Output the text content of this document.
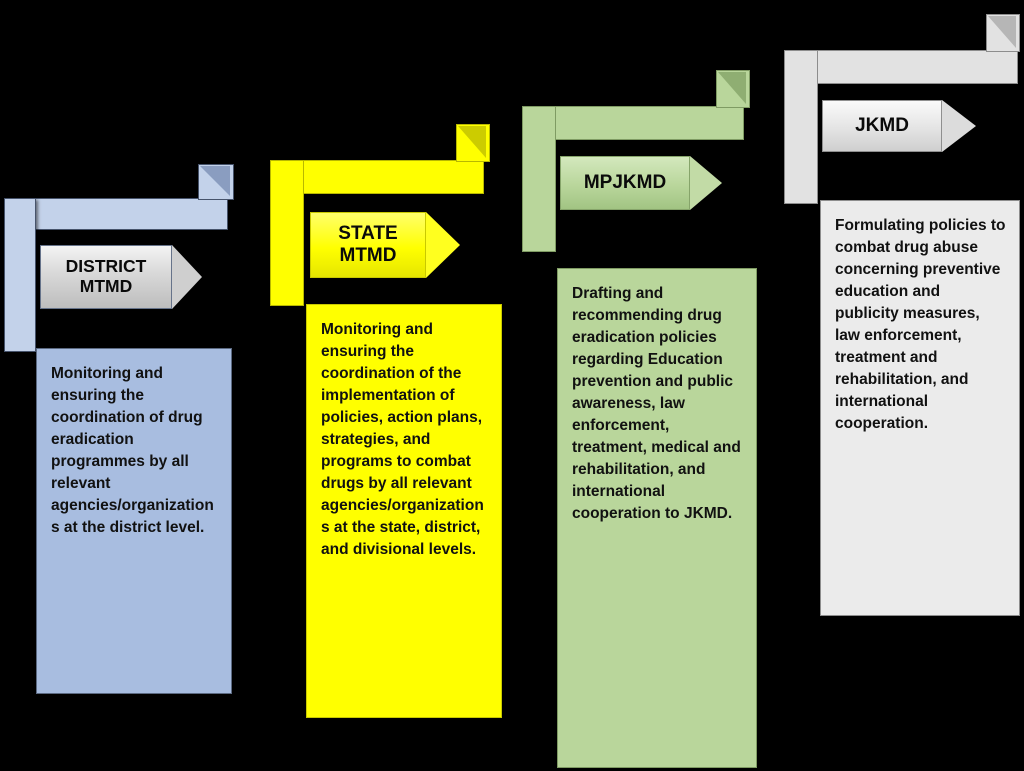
DISTRICT
MTMD

Monitoring and ensuring the coordination of drug eradication programmes by all relevant agencies/organizations at the district level.

STATE
MTMD

Monitoring and ensuring the coordination of the implementation of policies, action plans, strategies, and programs to combat drugs by all relevant agencies/organizations at the state, district, and divisional levels.

MPJKMD

Drafting and recommending drug eradication policies regarding Education prevention and public awareness, law enforcement, treatment, medical and rehabilitation, and international cooperation to JKMD.

JKMD

Formulating policies to combat drug abuse concerning preventive education and publicity measures, law enforcement, treatment and rehabilitation, and international cooperation.
